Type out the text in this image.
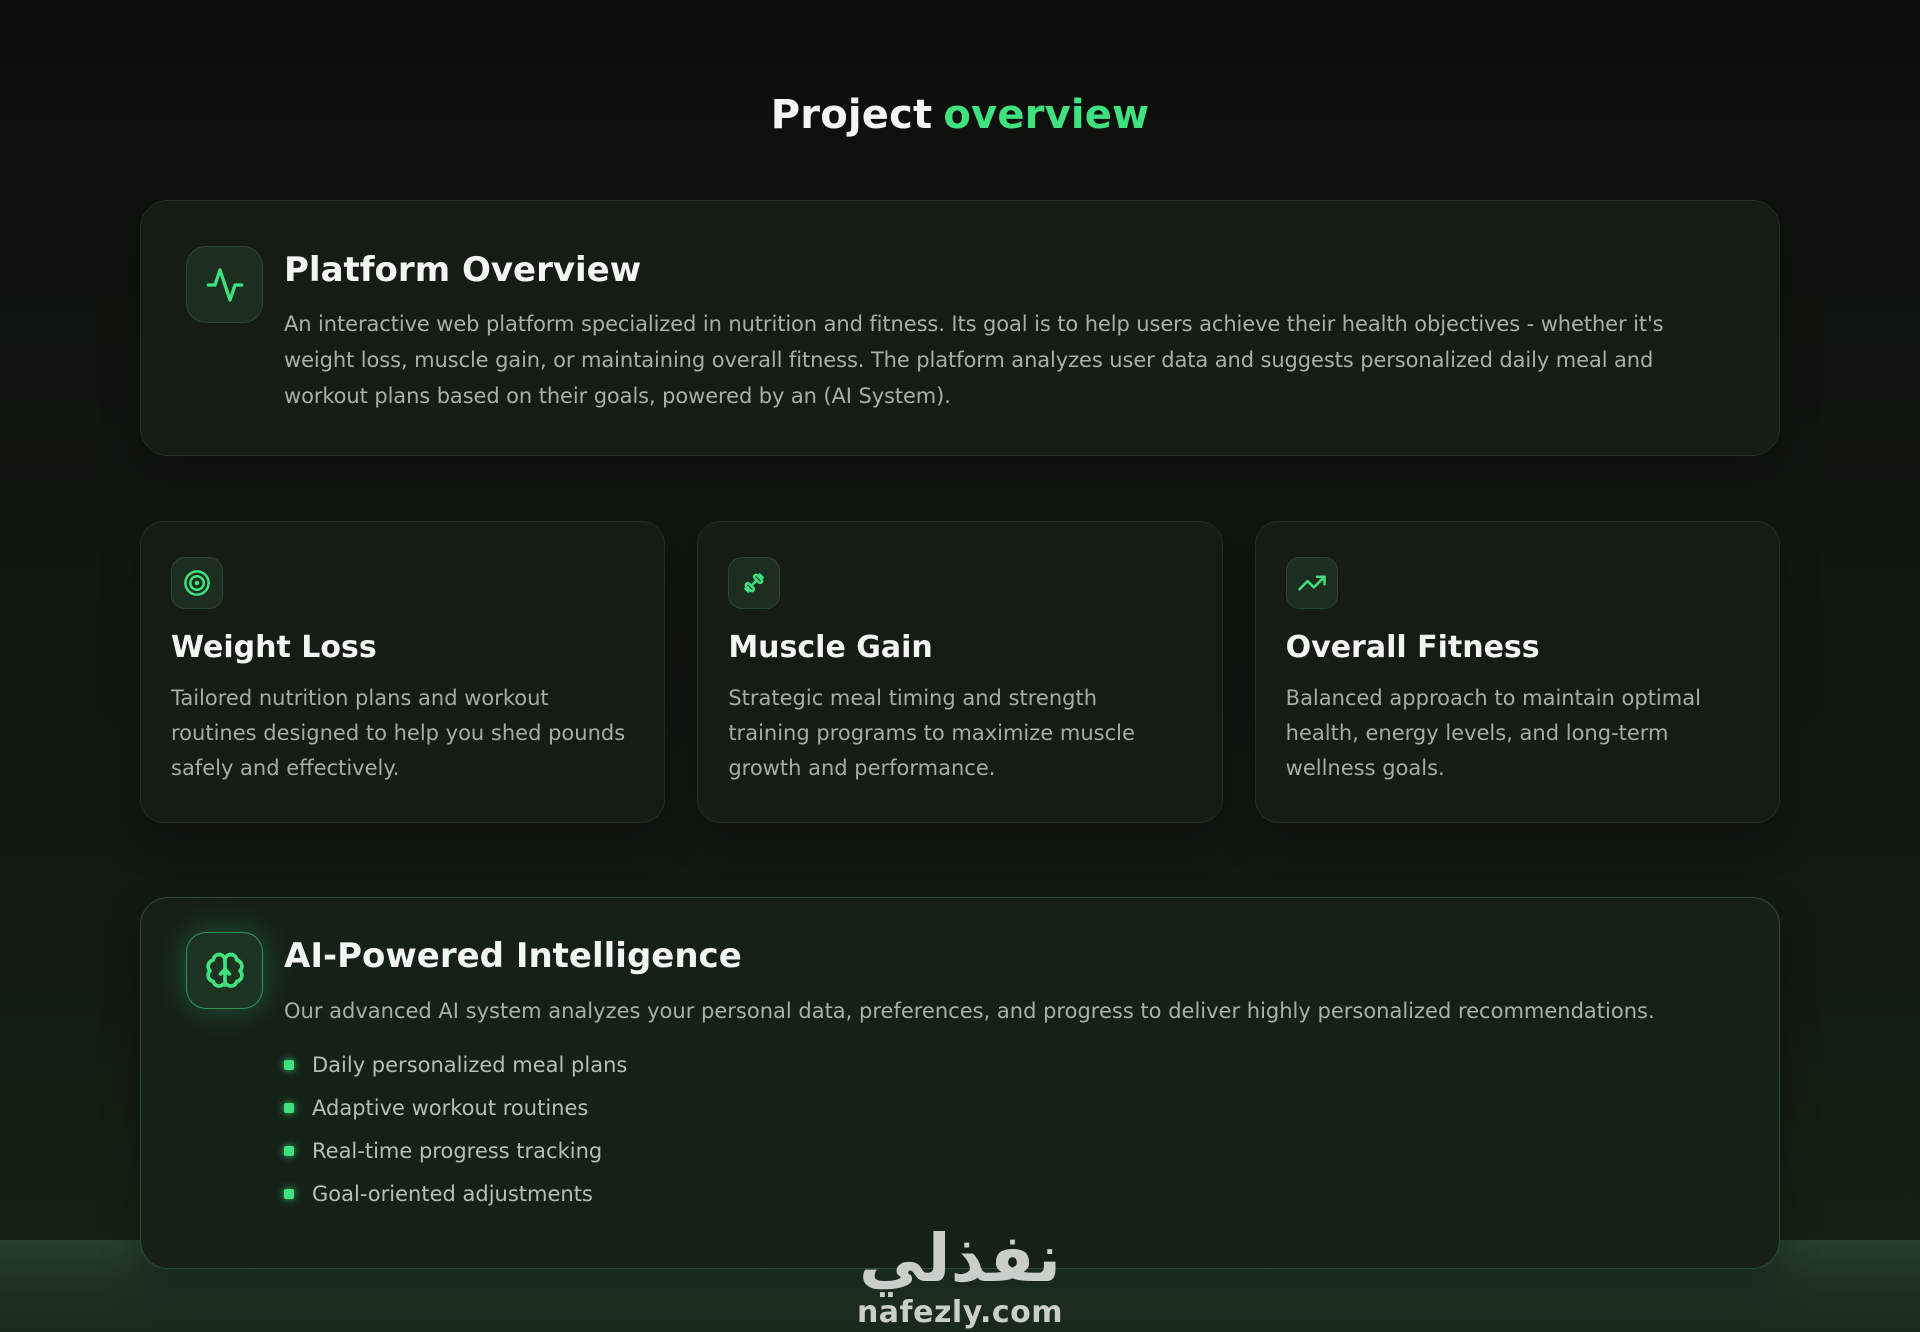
Project overview
Platform Overview

An interactive web platform specialized in nutrition and fitness. Its goal is to help users achieve their health objectives - whether it's weight loss, muscle gain, or maintaining overall fitness. The platform analyzes user data and suggests personalized daily meal and workout plans based on their goals, powered by an (AI System).

Weight Loss

Tailored nutrition plans and workout routines designed to help you shed pounds safely and effectively.

Muscle Gain

Strategic meal timing and strength training programs to maximize muscle growth and performance.

Overall Fitness

Balanced approach to maintain optimal health, energy levels, and long-term wellness goals.

AI-Powered Intelligence

Our advanced AI system analyzes your personal data, preferences, and progress to deliver highly personalized recommendations.

Daily personalized meal plans
Adaptive workout routines
Real-time progress tracking
Goal-oriented adjustments
نفذلي
nafezly.com
